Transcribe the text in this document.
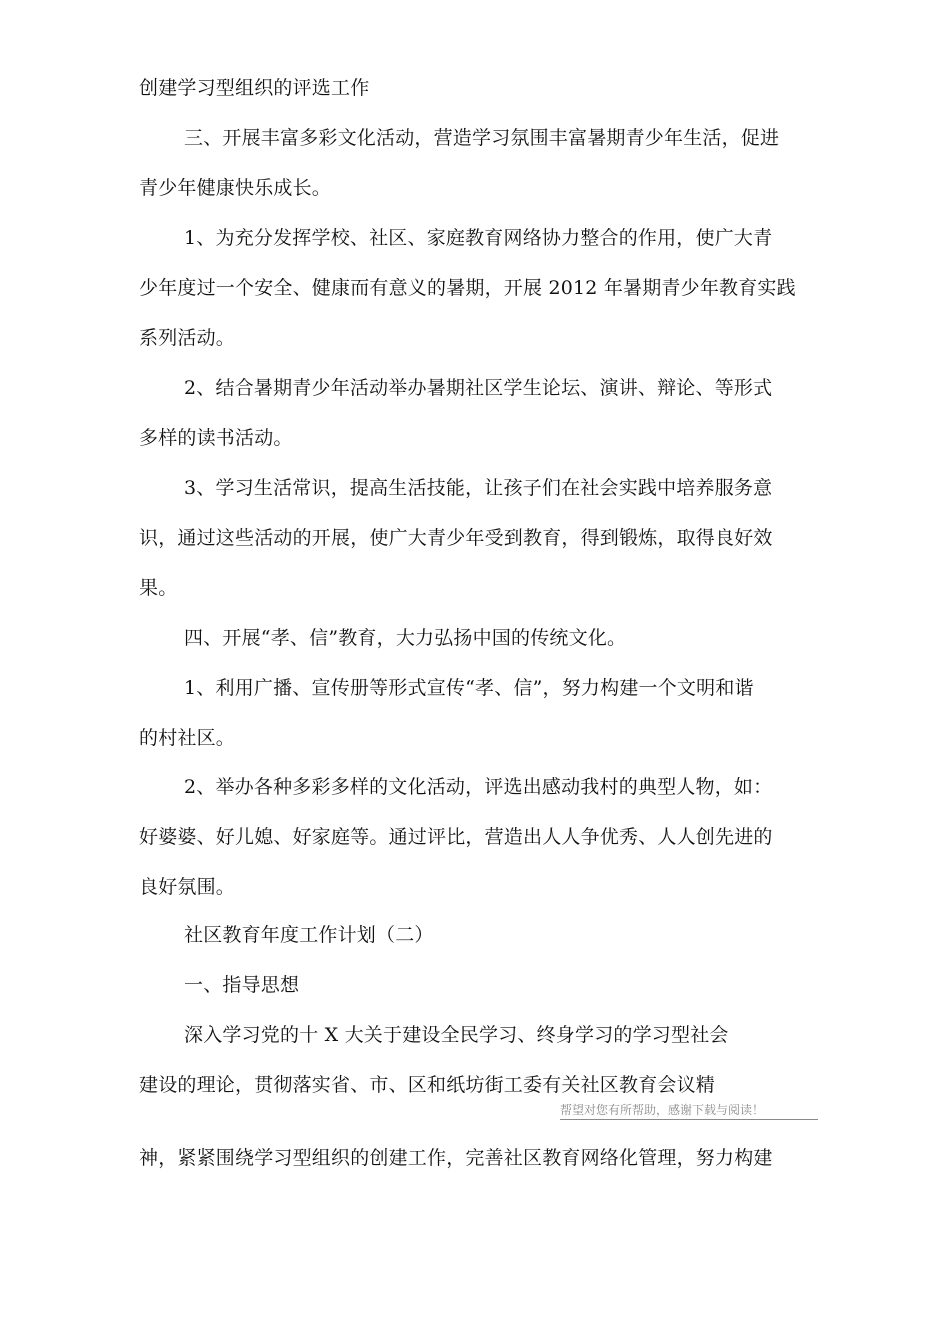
创建学习型组织的评选工作
三、开展丰富多彩文化活动，营造学习氛围丰富暑期青少年生活，促进
青少年健康快乐成长。
1、为充分发挥学校、社区、家庭教育网络协力整合的作用，使广大青
少年度过一个安全、健康而有意义的暑期，开展 2012 年暑期青少年教育实践
系列活动。
2、结合暑期青少年活动举办暑期社区学生论坛、演讲、辩论、等形式
多样的读书活动。
3、学习生活常识，提高生活技能，让孩子们在社会实践中培养服务意
识，通过这些活动的开展，使广大青少年受到教育，得到锻炼，取得良好效
果。
四、开展“孝、信”教育，大力弘扬中国的传统文化。
1、利用广播、宣传册等形式宣传“孝、信”，努力构建一个文明和谐
的村社区。
2、举办各种多彩多样的文化活动，评选出感动我村的典型人物，如：
好婆婆、好儿媳、好家庭等。通过评比，营造出人人争优秀、人人创先进的
良好氛围。
社区教育年度工作计划（二）
一、指导思想
深入学习党的十 X 大关于建设全民学习、终身学习的学习型社会
建设的理论，贯彻落实省、市、区和纸坊街工委有关社区教育会议精
帮望对您有所帮助，感谢下载与阅读！
神，紧紧围绕学习型组织的创建工作，完善社区教育网络化管理，努力构建
